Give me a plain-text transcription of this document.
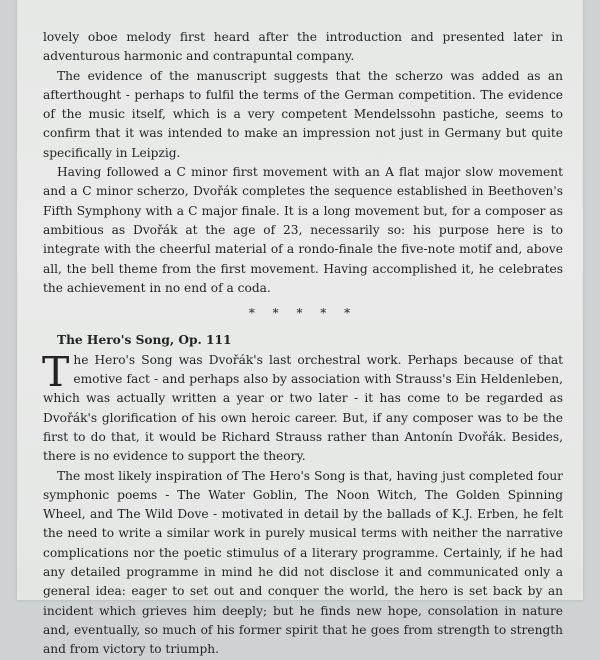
lovely oboe melody first heard after the introduction and presented later in adventurous harmonic and contrapuntal company.

The evidence of the manuscript suggests that the scherzo was added as an afterthought - perhaps to fulfil the terms of the German competition. The evidence of the music itself, which is a very competent Mendelssohn pastiche, seems to confirm that it was intended to make an impression not just in Germany but quite specifically in Leipzig.

Having followed a C minor first movement with an A flat major slow movement and a C minor scherzo, Dvořák completes the sequence established in Beethoven's Fifth Symphony with a C major finale. It is a long movement but, for a composer as ambitious as Dvořák at the age of 23, necessarily so: his purpose here is to integrate with the cheerful material of a rondo-finale the five-note motif and, above all, the bell theme from the first movement. Having accomplished it, he celebrates the achievement in no end of a coda.

* * * * *

The Hero's Song, Op. 111

The Hero's Song was Dvořák's last orchestral work. Perhaps because of that emotive fact - and perhaps also by association with Strauss's Ein Heldenleben, which was actually written a year or two later - it has come to be regarded as Dvořák's glorification of his own heroic career. But, if any composer was to be the first to do that, it would be Richard Strauss rather than Antonín Dvořák. Besides, there is no evidence to support the theory.

The most likely inspiration of The Hero's Song is that, having just completed four symphonic poems - The Water Goblin, The Noon Witch, The Golden Spinning Wheel, and The Wild Dove - motivated in detail by the ballads of K.J. Erben, he felt the need to write a similar work in purely musical terms with neither the narrative complications nor the poetic stimulus of a literary programme. Certainly, if he had any detailed programme in mind he did not disclose it and communicated only a general idea: eager to set out and conquer the world, the hero is set back by an incident which grieves him deeply; but he finds new hope, consolation in nature and, eventually, so much of his former spirit that he goes from strength to strength and from victory to triumph.
